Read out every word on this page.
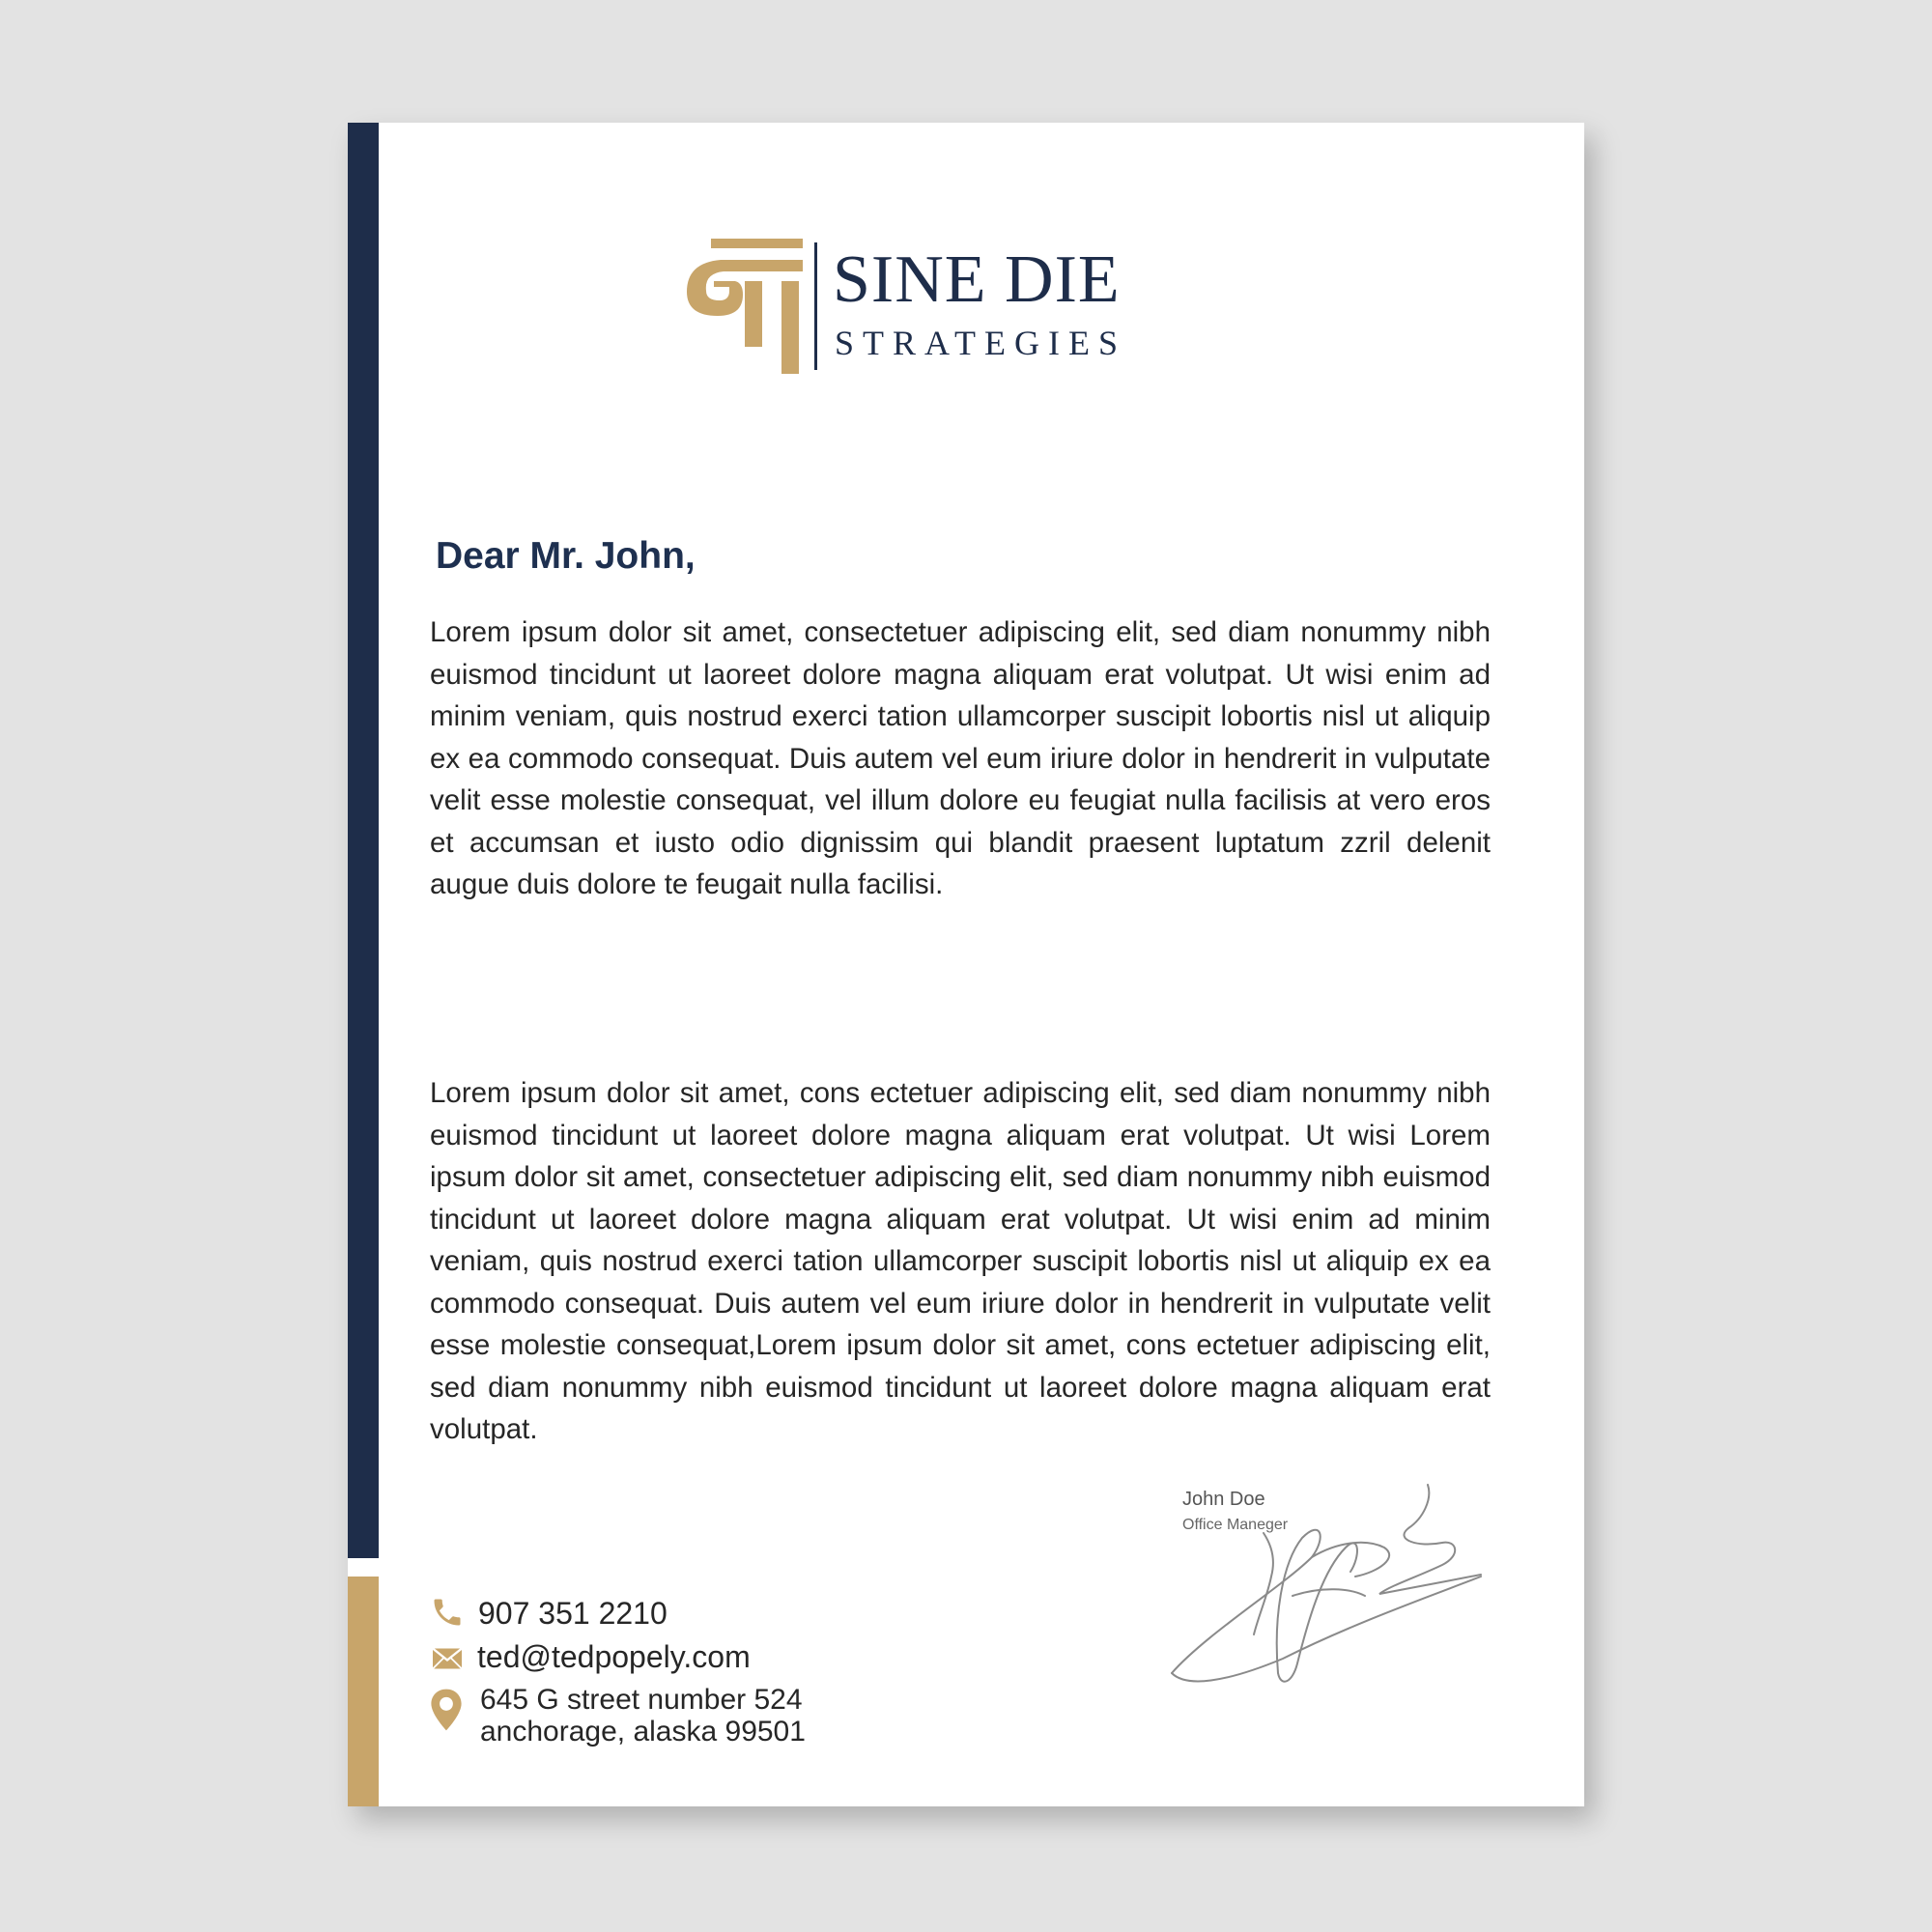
SINE DIE
STRATEGIES

Dear Mr. John,

Lorem ipsum dolor sit amet, consectetuer adipiscing elit, sed diam nonummy nibh euismod tincidunt ut laoreet dolore magna aliquam erat volutpat. Ut wisi enim ad minim veniam, quis nostrud exerci tation ullamcorper suscipit lobortis nisl ut aliquip ex ea commodo consequat. Duis autem vel eum iriure dolor in hendrerit in vulputate velit esse molestie consequat, vel illum dolore eu feugiat nulla facilisis at vero eros et accumsan et iusto odio dignissim qui blandit praesent luptatum zzril delenit augue duis dolore te feugait nulla facilisi.

Lorem ipsum dolor sit amet, cons ectetuer adipiscing elit, sed diam nonummy nibh euismod tincidunt ut laoreet dolore magna aliquam erat volutpat. Ut wisi Lorem ipsum dolor sit amet, consectetuer adipiscing elit, sed diam nonummy nibh euismod tincidunt ut laoreet dolore magna aliquam erat volutpat. Ut wisi enim ad minim veniam, quis nostrud exerci tation ullamcorper suscipit lobortis nisl ut aliquip ex ea commodo consequat. Duis autem vel eum iriure dolor in hendrerit in vulputate velit esse molestie consequat,Lorem ipsum dolor sit amet, cons ectetuer adipiscing elit, sed diam nonummy nibh euismod tincidunt ut laoreet dolore magna aliquam erat volutpat.

John Doe
Office Maneger
907 351 2210
ted@tedpopely.com
645 G street number 524
anchorage, alaska 99501
